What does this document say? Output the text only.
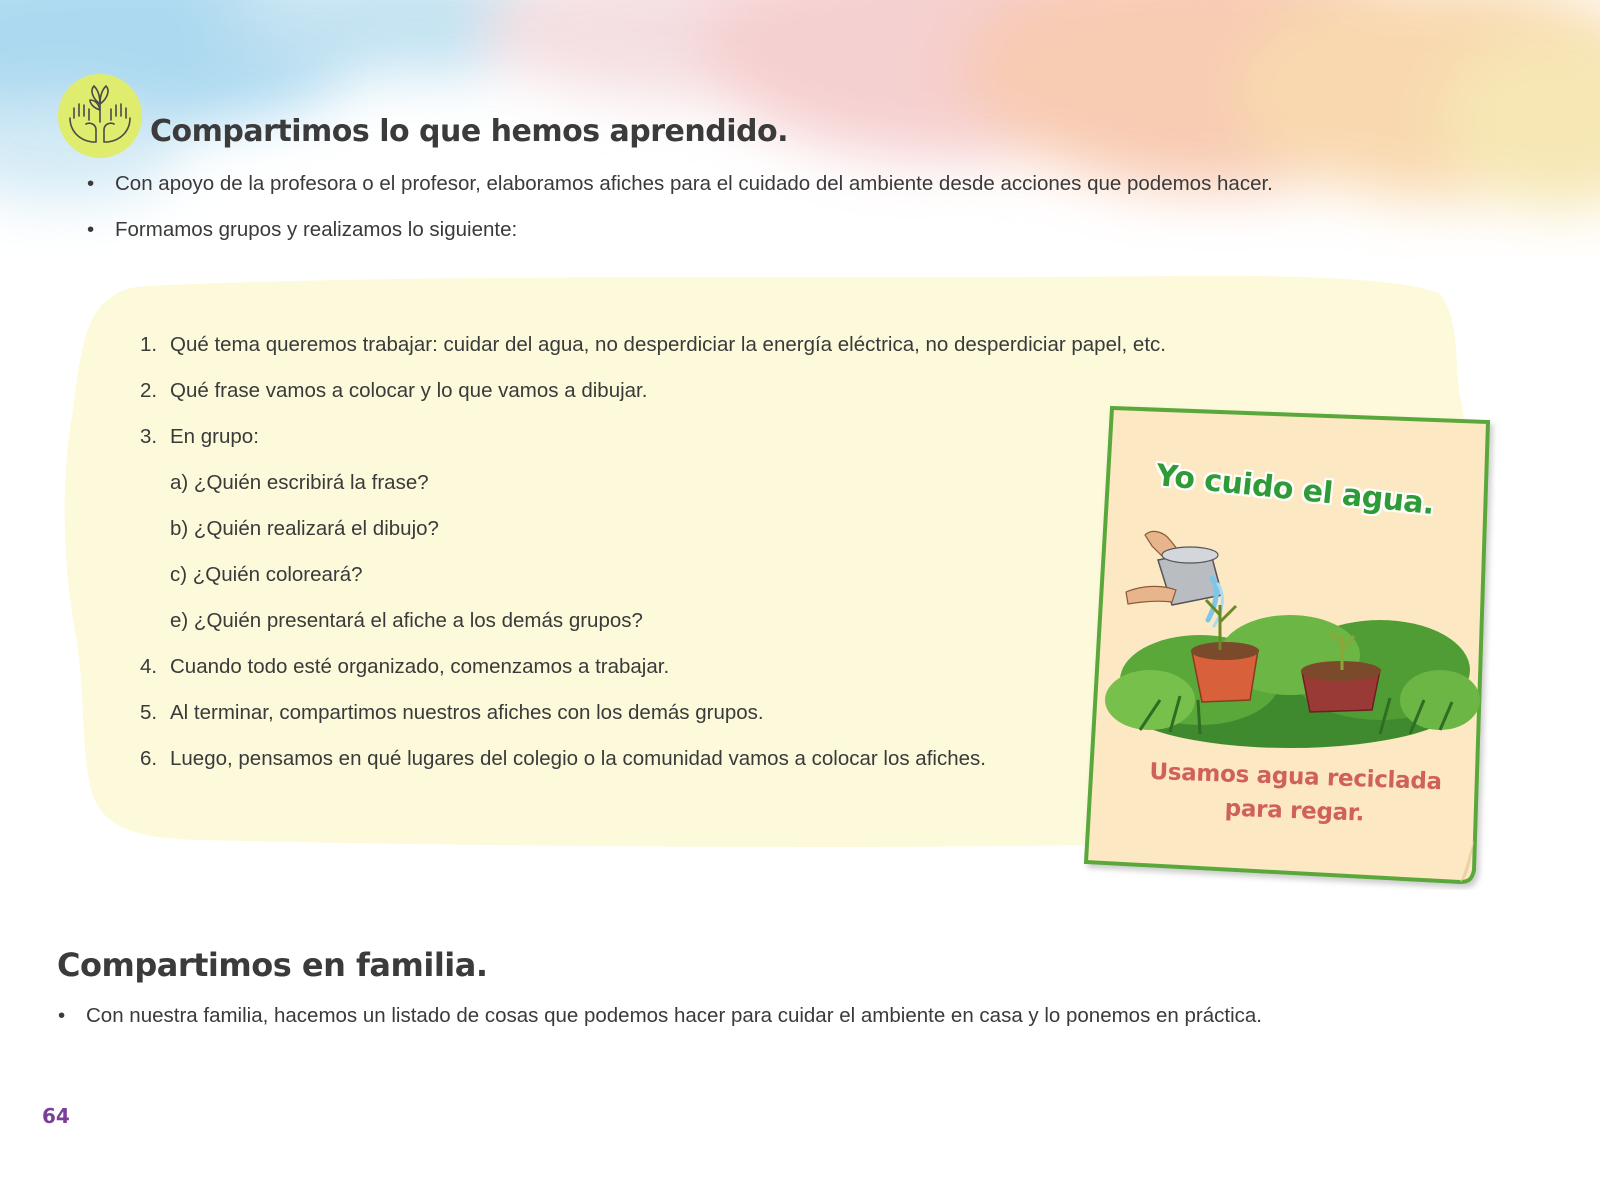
Compartimos lo que hemos aprendido.
• Con apoyo de la profesora o el profesor, elaboramos afiches para el cuidado del ambiente desde acciones que podemos hacer.
• Formamos grupos y realizamos lo siguiente:
1. Qué tema queremos trabajar: cuidar del agua, no desperdiciar la energía eléctrica, no desperdiciar papel, etc.
2. Qué frase vamos a colocar y lo que vamos a dibujar.
3. En grupo:
a) ¿Quién escribirá la frase?
b) ¿Quién realizará el dibujo?
c) ¿Quién coloreará?
e) ¿Quién presentará el afiche a los demás grupos?
4. Cuando todo esté organizado, comenzamos a trabajar.
5. Al terminar, compartimos nuestros afiches con los demás grupos.
6. Luego, pensamos en qué lugares del colegio o la comunidad vamos a colocar los afiches.
Yo cuido el agua.
Usamos agua reciclada
para regar.
Compartimos en familia.
• Con nuestra familia, hacemos un listado de cosas que podemos hacer para cuidar el ambiente en casa y lo ponemos en práctica.
64
